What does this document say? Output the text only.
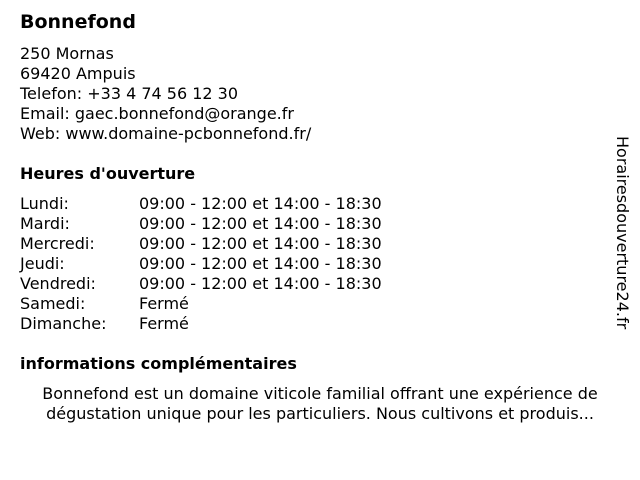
Bonnefond
250 Mornas
69420 Ampuis
Telefon: +33 4 74 56 12 30
Email: gaec.bonnefond@orange.fr
Web: www.domaine-pcbonnefond.fr/
Heures d'ouverture
Lundi:	09:00 - 12:00 et 14:00 - 18:30
Mardi:	09:00 - 12:00 et 14:00 - 18:30
Mercredi:	09:00 - 12:00 et 14:00 - 18:30
Jeudi:	09:00 - 12:00 et 14:00 - 18:30
Vendredi:	09:00 - 12:00 et 14:00 - 18:30
Samedi:	Fermé
Dimanche: Fermé
informations complémentaires
Bonnefond est un domaine viticole familial offrant une expérience de dégustation unique pour les particuliers. Nous cultivons et produis...
Horairesdouverture24.fr
